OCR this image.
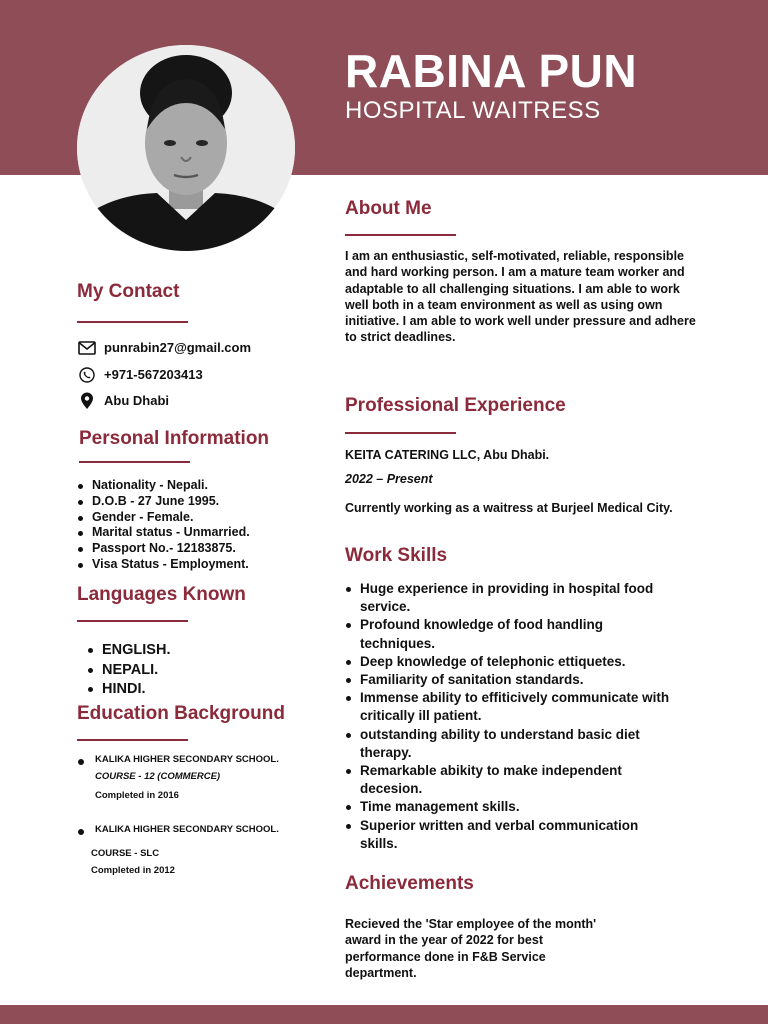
RABINA PUN
HOSPITAL WAITRESS
My Contact
punrabin27@gmail.com
+971-567203413
Abu Dhabi
Personal Information
Nationality - Nepali.
D.O.B - 27 June 1995.
Gender - Female.
Marital status - Unmarried.
Passport No.- 12183875.
Visa Status - Employment.
Languages Known
ENGLISH.
NEPALI.
HINDI.
Education Background
KALIKA HIGHER SECONDARY SCHOOL.
COURSE - 12 (COMMERCE)
Completed in 2016
KALIKA HIGHER SECONDARY SCHOOL.
COURSE - SLC
Completed in 2012
About Me
I am an enthusiastic, self-motivated, reliable, responsible and hard working person. I am a mature team worker and adaptable to all challenging situations. I am able to work well both in a team environment as well as using own initiative. I am able to work well under pressure and adhere to strict deadlines.
Professional Experience
KEITA CATERING LLC, Abu Dhabi.
2022 – Present
Currently working as a waitress at Burjeel Medical City.
Work Skills
Huge experience in providing in hospital food service.
Profound knowledge of food handling techniques.
Deep knowledge of telephonic ettiquetes.
Familiarity of sanitation standards.
Immense ability to effiticively communicate with critically ill patient.
outstanding ability to understand basic diet therapy.
Remarkable abikity to make independent decesion.
Time management skills.
Superior written and verbal communication skills.
Achievements
Recieved the 'Star employee of the month' award in the year of 2022 for best performance done in F&B Service department.
